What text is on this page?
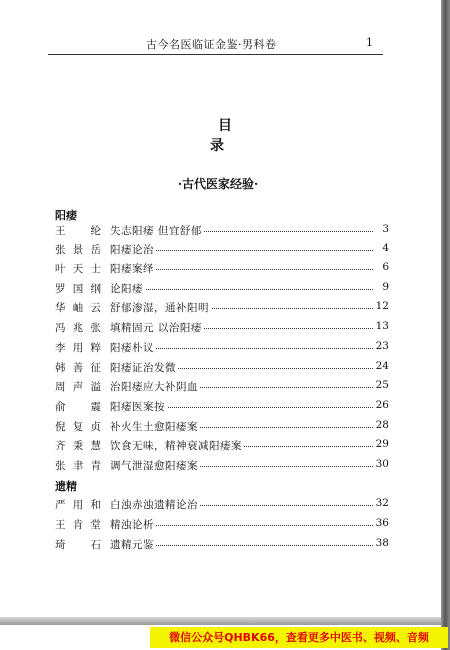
古今名医临证金鉴·男科卷	1
目 录
·古代医家经验·
阳痿
王纶 失志阳痿 但宜舒郁	3
张景岳 阳痿论治	4
叶天士 阳痿案绎	6
罗国纲 论阳痿	9
华岫云 舒郁渗湿，通补阳明	12
冯兆张 填精固元 以治阳痿	13
李用粹 阳痿朴议	23
韩善征 阳痿证治发微	24
周声溢 治阳痿应大补阴血	25
俞震 阳痿医案按	26
倪复贞 补火生土愈阳痿案	28
齐秉慧 饮食无味，精神衰减阳痿案	29
张聿青 调气泄湿愈阳痿案	30
遗精
严用和 白浊赤浊遗精论治	32
王肯堂 精浊论析	36
琦石 遗精元鉴	38
微信公众号QHBK66，查看更多中医书、视频、音频
